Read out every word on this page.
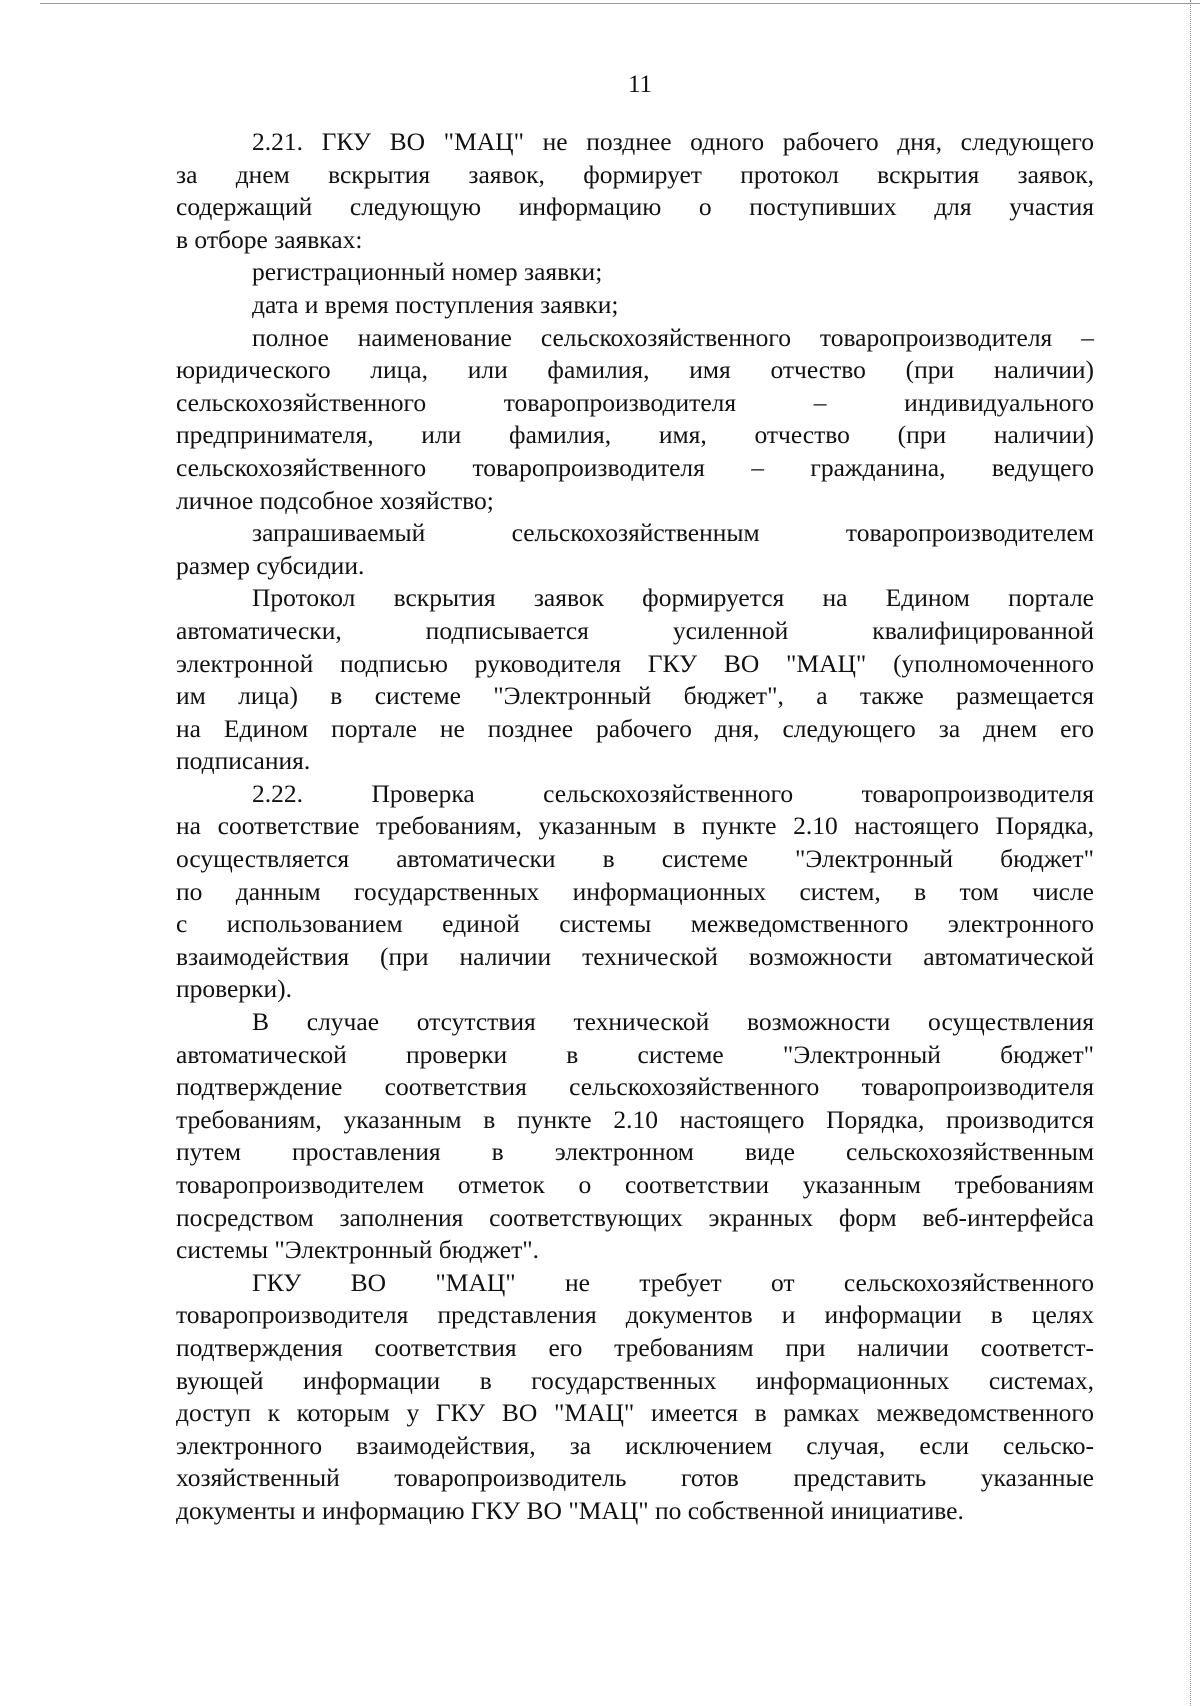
11
2.21. ГКУ ВО "МАЦ" не позднее одного рабочего дня, следующего
за днем вскрытия заявок, формирует протокол вскрытия заявок,
содержащий следующую информацию о поступивших для участия
в отборе заявках:
регистрационный номер заявки;
дата и время поступления заявки;
полное наименование сельскохозяйственного товаропроизводителя –
юридического лица, или фамилия, имя отчество (при наличии)
сельскохозяйственного товаропроизводителя – индивидуального
предпринимателя, или фамилия, имя, отчество (при наличии)
сельскохозяйственного товаропроизводителя – гражданина, ведущего
личное подсобное хозяйство;
запрашиваемый сельскохозяйственным товаропроизводителем
размер субсидии.
Протокол вскрытия заявок формируется на Едином портале
автоматически, подписывается усиленной квалифицированной
электронной подписью руководителя ГКУ ВО "МАЦ" (уполномоченного
им лица) в системе "Электронный бюджет", а также размещается
на Едином портале не позднее рабочего дня, следующего за днем его
подписания.
2.22. Проверка сельскохозяйственного товаропроизводителя
на соответствие требованиям, указанным в пункте 2.10 настоящего Порядка,
осуществляется автоматически в системе "Электронный бюджет"
по данным государственных информационных систем, в том числе
с использованием единой системы межведомственного электронного
взаимодействия (при наличии технической возможности автоматической
проверки).
В случае отсутствия технической возможности осуществления
автоматической проверки в системе "Электронный бюджет"
подтверждение соответствия сельскохозяйственного товаропроизводителя
требованиям, указанным в пункте 2.10 настоящего Порядка, производится
путем проставления в электронном виде сельскохозяйственным
товаропроизводителем отметок о соответствии указанным требованиям
посредством заполнения соответствующих экранных форм веб-интерфейса
системы "Электронный бюджет".
ГКУ ВО "МАЦ" не требует от сельскохозяйственного
товаропроизводителя представления документов и информации в целях
подтверждения соответствия его требованиям при наличии соответст-
вующей информации в государственных информационных системах,
доступ к которым у ГКУ ВО "МАЦ" имеется в рамках межведомственного
электронного взаимодействия, за исключением случая, если сельско-
хозяйственный товаропроизводитель готов представить указанные
документы и информацию ГКУ ВО "МАЦ" по собственной инициативе.
